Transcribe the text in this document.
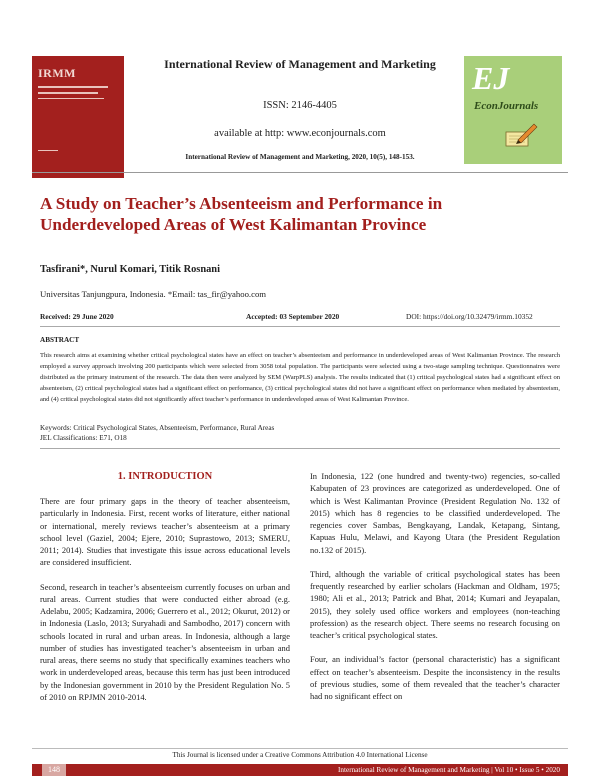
IRMM
International Review of Management and Marketing
ISSN: 2146-4405
available at http: www.econjournals.com
International Review of Management and Marketing, 2020, 10(5), 148-153.
EJ
EconJournals
A Study on Teacher’s Absenteeism and Performance in Underdeveloped Areas of West Kalimantan Province
Tasfirani*, Nurul Komari, Titik Rosnani
Universitas Tanjungpura, Indonesia. *Email: tas_fir@yahoo.com
Received: 29 June 2020	Accepted: 03 September 2020	DOI: https://doi.org/10.32479/irmm.10352
ABSTRACT
This research aims at examining whether critical psychological states have an effect on teacher’s absenteeism and performance in underdeveloped areas of West Kalimantan Province. The research employed a survey approach involving 200 participants which were selected from 3058 total population. The participants were selected using a two-stage sampling technique. Questionnaires were distributed as the primary instrument of the research. The data then were analyzed by SEM (WarpPLS) analysis. The results indicated that (1) critical psychological states had a significant effect on absenteeism, (2) critical psychological states had a significant effect on performance, (3) critical psychological states did not have a significant effect on performance when mediated by absenteeism, and (4) critical psychological states did not significantly affect teacher’s performance in underdeveloped areas of West Kalimantan Province.
Keywords: Critical Psychological States, Absenteeism, Performance, Rural Areas
JEL Classifications: E71, O18
1. INTRODUCTION

There are four primary gaps in the theory of teacher absenteeism, particularly in Indonesia. First, recent works of literature, either national or international, merely reviews teacher’s absenteeism at a primary school level (Gaziel, 2004; Ejere, 2010; Suprastowo, 2013; SMERU, 2011; 2014). Studies that investigate this issue across educational levels are considered insufficient.

Second, research in teacher’s absenteeism currently focuses on urban and rural areas. Current studies that were conducted either abroad (e.g. Adelabu, 2005; Kadzamira, 2006; Guerrero et al., 2012; Okurut, 2012) or in Indonesia (Laslo, 2013; Suryahadi and Sambodho, 2017) concern with schools located in rural and urban areas. In Indonesia, although a large number of studies has investigated teacher’s absenteeism in urban and rural areas, there seems no study that specifically examines teachers who work in underdeveloped areas, because this term has just been introduced by the Indonesian government in 2010 by the President Regulation No. 5 of 2010 on RPJMN 2010-2014.

In Indonesia, 122 (one hundred and twenty-two) regencies, so-called Kabupaten of 23 provinces are categorized as underdeveloped. One of which is West Kalimantan Province (President Regulation No. 132 of 2015) which has 8 regencies to be classified underdeveloped. The regencies cover Sambas, Bengkayang, Landak, Ketapang, Sintang, Kapuas Hulu, Melawi, and Kayong Utara (the President Regulation no.132 of 2015).

Third, although the variable of critical psychological states has been frequently researched by earlier scholars (Hackman and Oldham, 1975; 1980; Ali et al., 2013; Patrick and Bhat, 2014; Kumari and Jeyapalan, 2015), they solely used office workers and employees (non-teaching profession) as the research object. There seems no research focusing on teacher’s critical psychological states.

Four, an individual’s factor (personal characteristic) has a significant effect on teacher’s absenteeism. Despite the inconsistency in the results of previous studies, some of them revealed that the teacher’s character had no significant effect on

This Journal is licensed under a Creative Commons Attribution 4.0 International License
148	International Review of Management and Marketing | Vol 10 • Issue 5 • 2020
